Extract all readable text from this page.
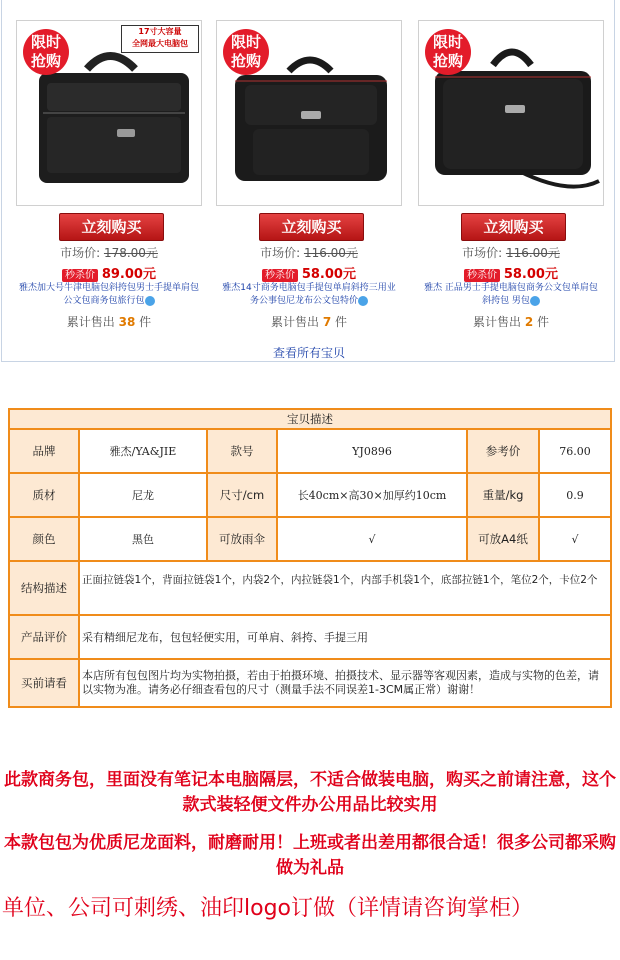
17寸大容量
全网最大电脑包
限时
抢购
立刻购买
市场价: 178.00元
秒杀价 89.00元
雅杰加大号牛津电脑包斜挎包男士手提单肩包公文包商务包旅行包
累计售出 38 件
限时
抢购
立刻购买
市场价: 116.00元
秒杀价 58.00元
雅杰14寸商务电脑包手提包单肩斜挎三用业务公事包尼龙布公文包特价
累计售出 7 件
限时
抢购
立刻购买
市场价: 116.00元
秒杀价 58.00元
雅杰 正品男士手提电脑包商务公文包单肩包斜挎包 男包
累计售出 2 件
查看所有宝贝
宝贝描述					
品牌	雅杰/YA&JIE	款号	YJ0896	参考价	76.00
质材	尼龙	尺寸/cm	长40cm×高30×加厚约10cm	重量/kg	0.9
颜色	黑色	可放雨伞	√	可放A4纸	√
结构描述	正面拉链袋1个，背面拉链袋1个，内袋2个，内拉链袋1个，内部手机袋1个，底部拉链1个，笔位2个，卡位2个				
产品评价	采有精细尼龙布，包包轻便实用，可单肩、斜挎、手提三用				
买前请看	本店所有包包图片均为实物拍摄，若由于拍摄环境、拍摄技术、显示器等客观因素，造成与实物的色差，请以实物为准。请务必仔细查看包的尺寸（测量手法不同误差1-3CM属正常）谢谢！				
此款商务包，里面没有笔记本电脑隔层，不适合做装电脑，购买之前请注意，这个款式装轻便文件办公用品比较实用
本款包包为优质尼龙面料，耐磨耐用！上班或者出差用都很合适！很多公司都采购做为礼品
单位、公司可刺绣、油印logo订做（详情请咨询掌柜）
